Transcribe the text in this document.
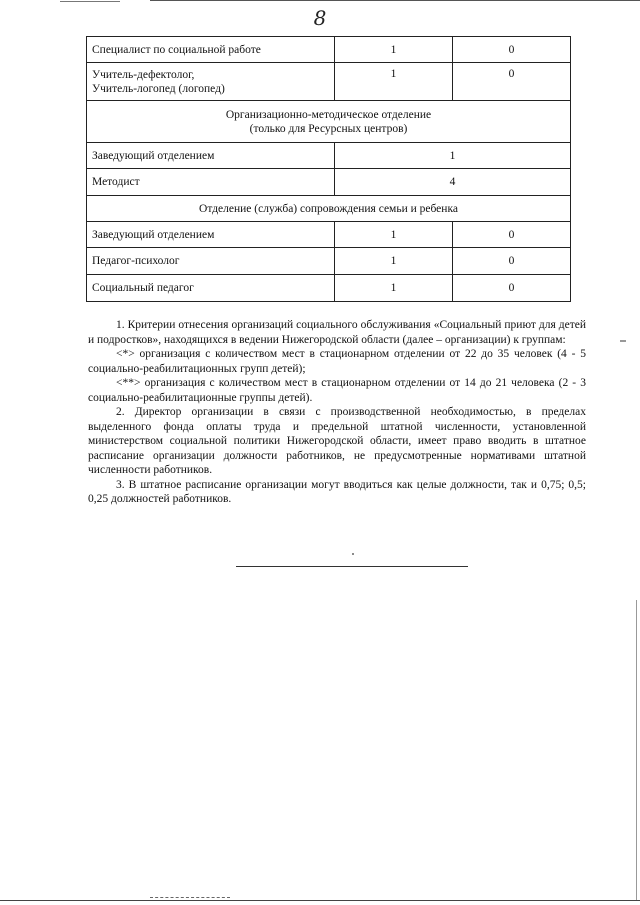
8
Специалист по социальной работе	1	0

Учитель-дефектолог,
Учитель-логопед (логопед)	1	0

Организационно-методическое отделение
(только для Ресурсных центров)		

Заведующий отделением	1	
Методист	4	
Отделение (служба) сопровождения семьи и ребенка		
Заведующий отделением	1	0
Педагог-психолог	1	0
Социальный педагог	1	0

1. Критерии отнесения организаций социального обслуживания «Социальный приют для детей и подростков», находящихся в ведении Нижегородской области (далее – организации) к группам:

<*> организация с количеством мест в стационарном отделении от 22 до 35 человек (4 - 5 социально-реабилитационных групп детей);

<**> организация с количеством мест в стационарном отделении от 14 до 21 человека (2 - 3 социально-реабилитационные группы детей).

2. Директор организации в связи с производственной необходимостью, в пределах выделенного фонда оплаты труда и предельной штатной численности, установленной министерством социальной политики Нижегородской области, имеет право вводить в штатное расписание организации должности работников, не предусмотренные нормативами штатной численности работников.

3. В штатное расписание организации могут вводиться как целые должности, так и 0,75; 0,5; 0,25 должностей работников.
